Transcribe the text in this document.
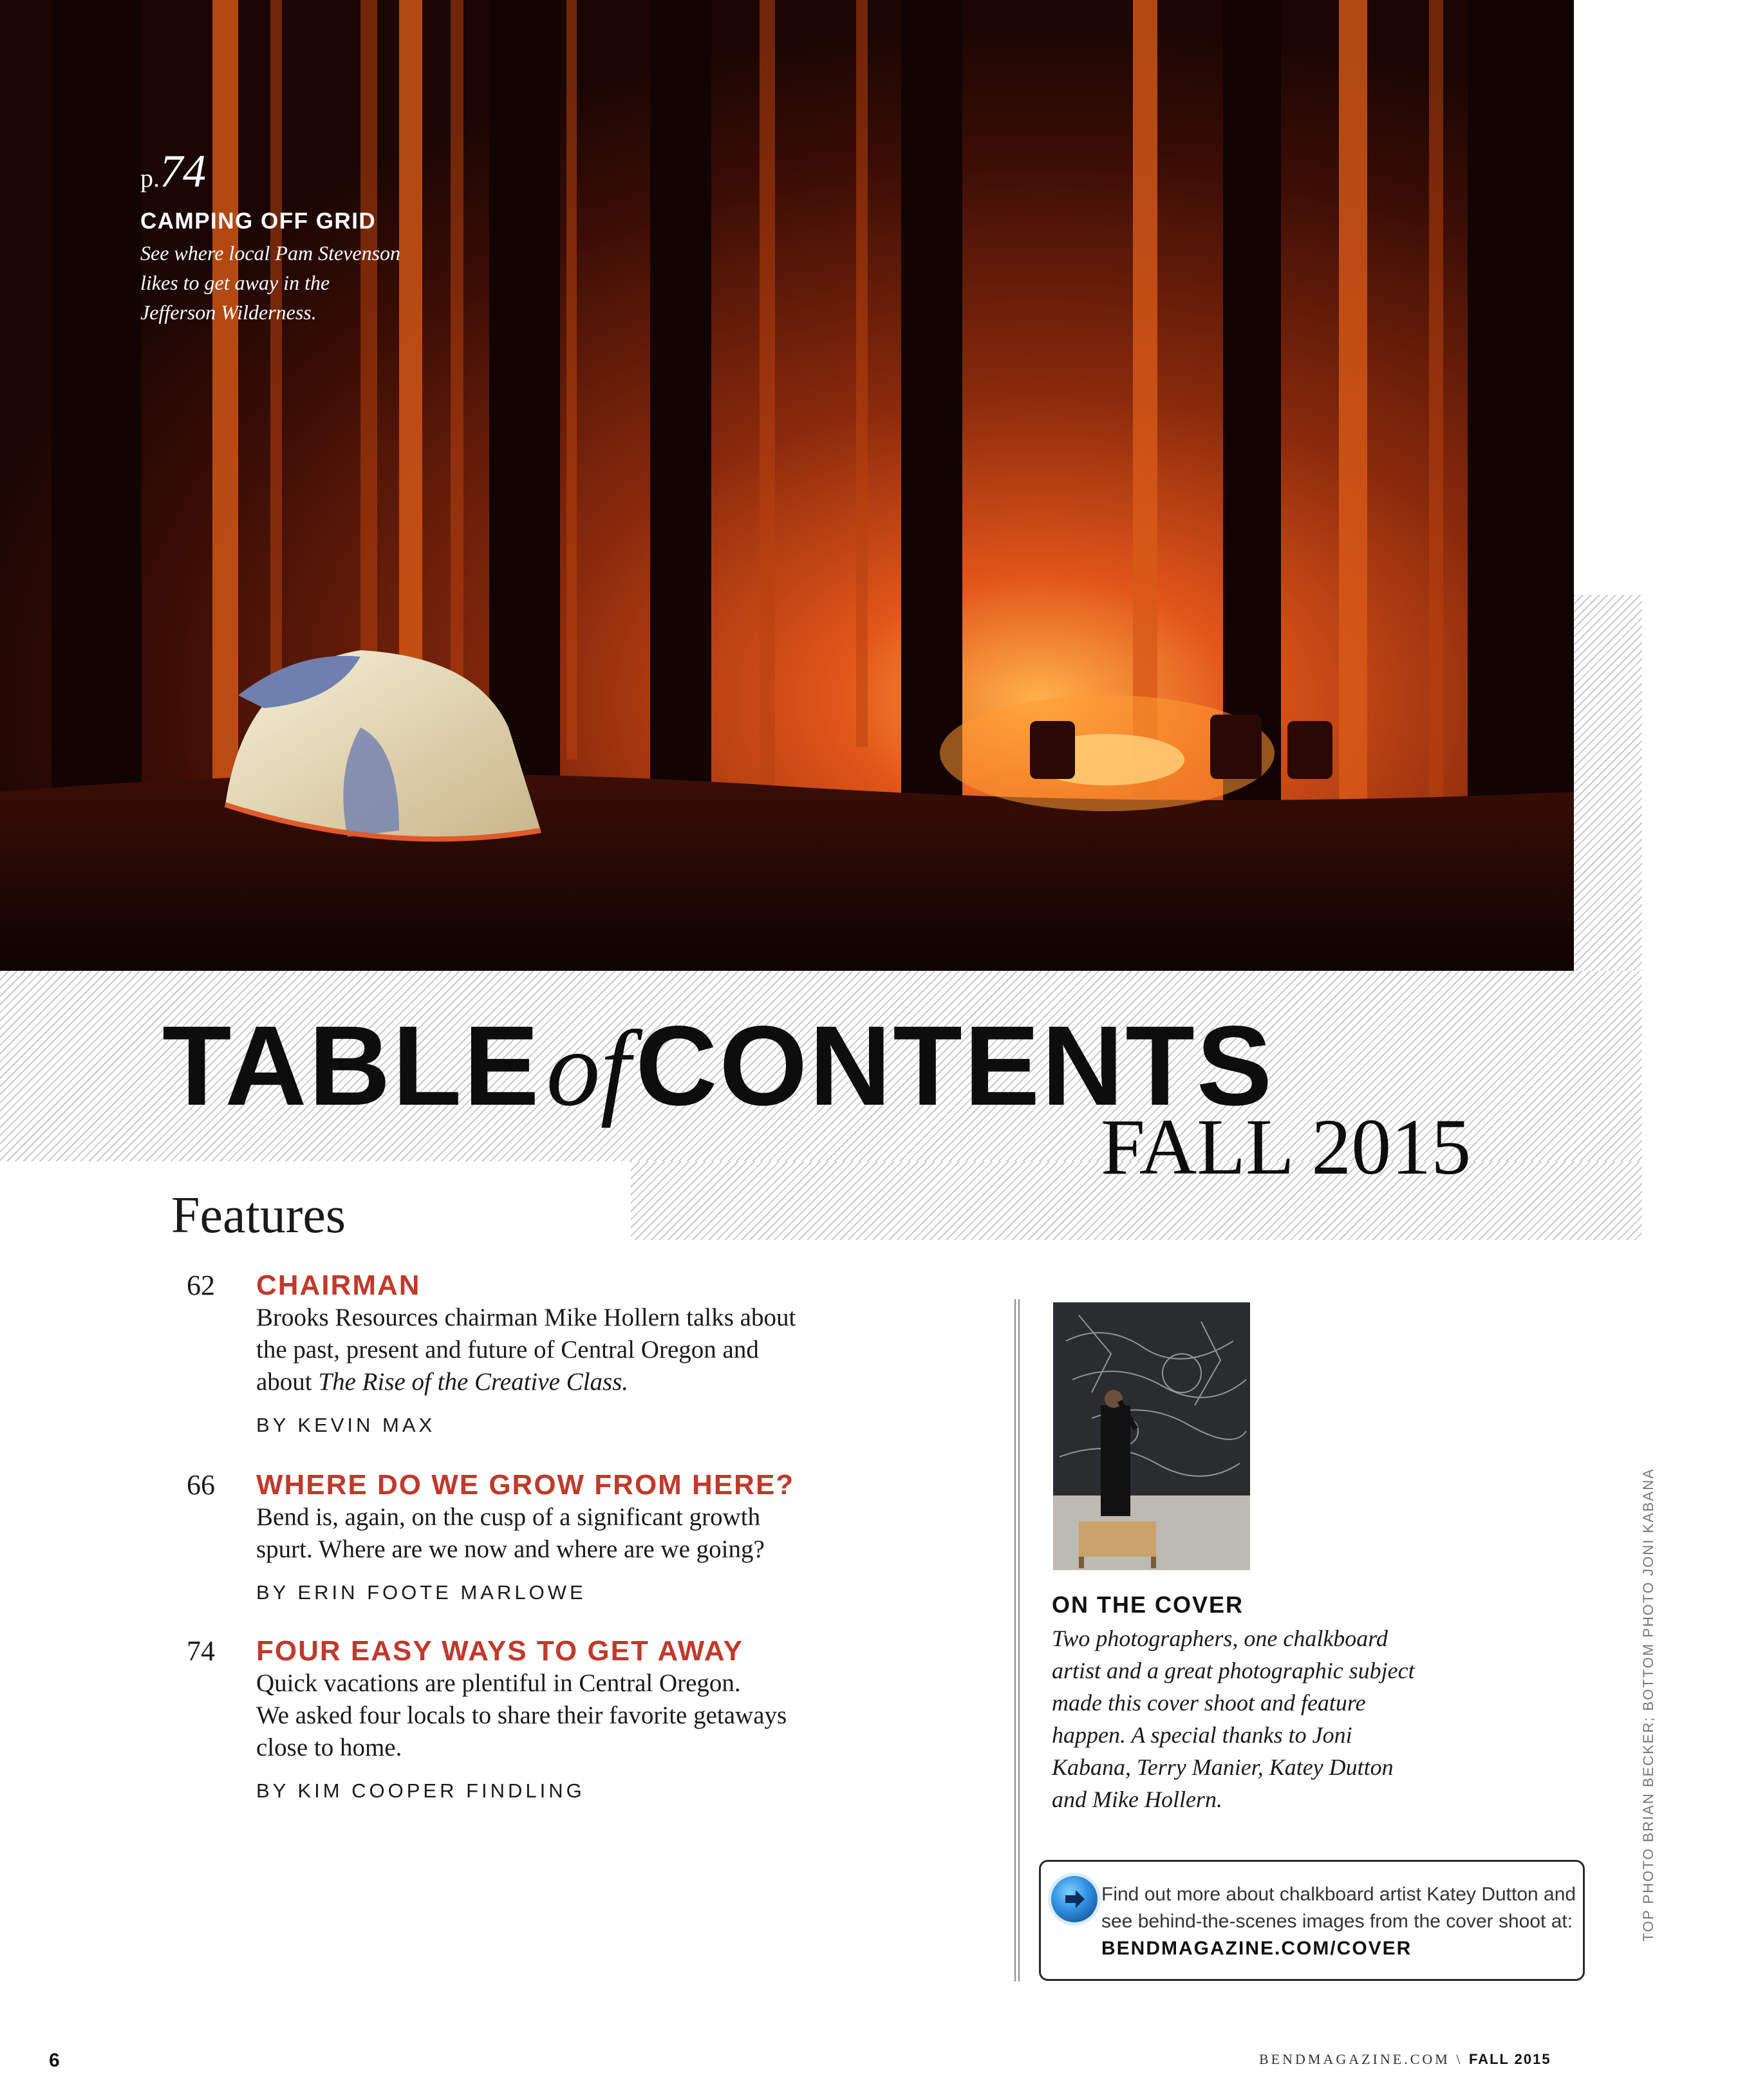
p.74
CAMPING OFF GRID
See where local Pam Stevenson
likes to get away in the
Jefferson Wilderness.
TABLEofCONTENTS
FALL 2015
Features
62 CHAIRMAN
Brooks Resources chairman Mike Hollern talks about
the past, present and future of Central Oregon and
about The Rise of the Creative Class.
BY KEVIN MAX
66 WHERE DO WE GROW FROM HERE?
Bend is, again, on the cusp of a significant growth
spurt. Where are we now and where are we going?
BY ERIN FOOTE MARLOWE
74 FOUR EASY WAYS TO GET AWAY
Quick vacations are plentiful in Central Oregon.
We asked four locals to share their favorite getaways
close to home.
BY KIM COOPER FINDLING
ON THE COVER
Two photographers, one chalkboard
artist and a great photographic subject
made this cover shoot and feature
happen. A special thanks to Joni
Kabana, Terry Manier, Katey Dutton
and Mike Hollern.
Find out more about chalkboard artist Katey Dutton and
see behind-the-scenes images from the cover shoot at:
BENDMAGAZINE.COM/COVER
TOP PHOTO BRIAN BECKER; BOTTOM PHOTO JONI KABANA
6	BENDMAGAZINE.COM \ FALL 2015
